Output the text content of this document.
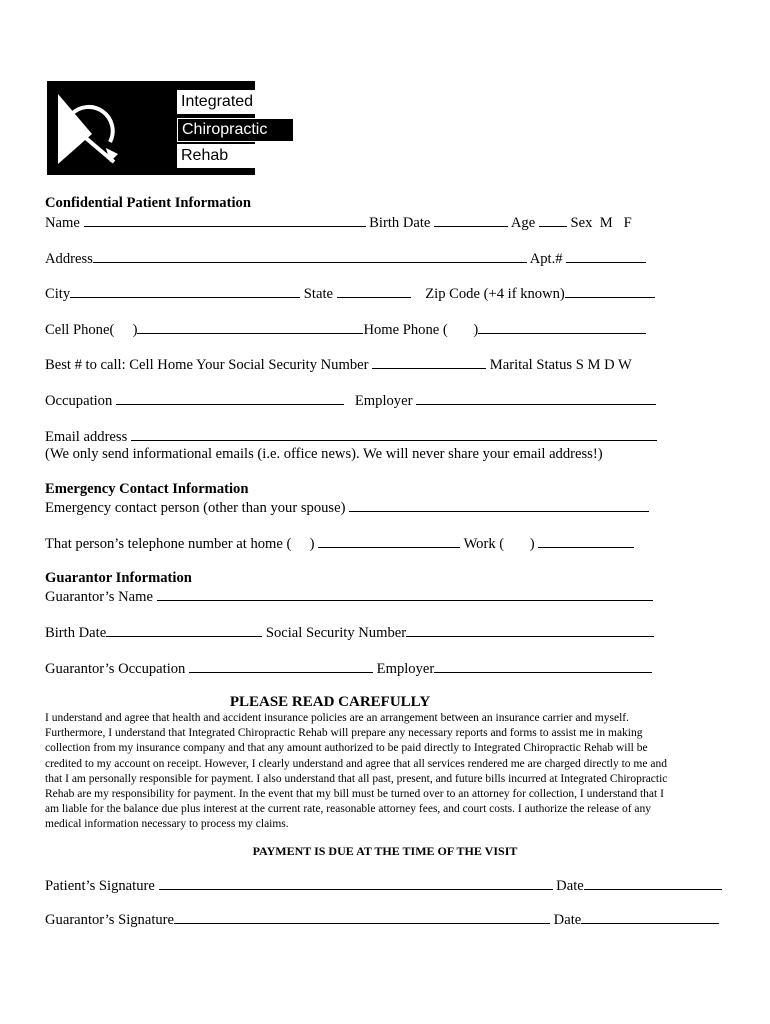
Integrated
Chiropractic
Rehab
Confidential Patient Information
Name	Birth Date	Age Sex M   F
Address	Apt.#
City	State	Zip Code (+4 if known)
Cell Phone( )	Home Phone ( )
Best # to call: Cell Home Your Social Security Number	Marital Status S M D W
Occupation	Employer
Email address
(We only send informational emails (i.e. office news). We will never share your email address!)
Emergency Contact Information
Emergency contact person (other than your spouse)
That person’s telephone number at home ( )	Work ( )
Guarantor Information
Guarantor’s Name
Birth Date	Social Security Number
Guarantor’s Occupation	Employer
PLEASE READ CAREFULLY
I understand and agree that health and accident insurance policies are an arrangement between an insurance carrier and myself.
Furthermore, I understand that Integrated Chiropractic Rehab will prepare any necessary reports and forms to assist me in making
collection from my insurance company and that any amount authorized to be paid directly to Integrated Chiropractic Rehab will be
credited to my account on receipt. However, I clearly understand and agree that all services rendered me are charged directly to me and
that I am personally responsible for payment. I also understand that all past, present, and future bills incurred at Integrated Chiropractic
Rehab are my responsibility for payment. In the event that my bill must be turned over to an attorney for collection, I understand that I
am liable for the balance due plus interest at the current rate, reasonable attorney fees, and court costs. I authorize the release of any
medical information necessary to process my claims.
PAYMENT IS DUE AT THE TIME OF THE VISIT
Patient’s Signature	Date
Guarantor’s Signature	Date
